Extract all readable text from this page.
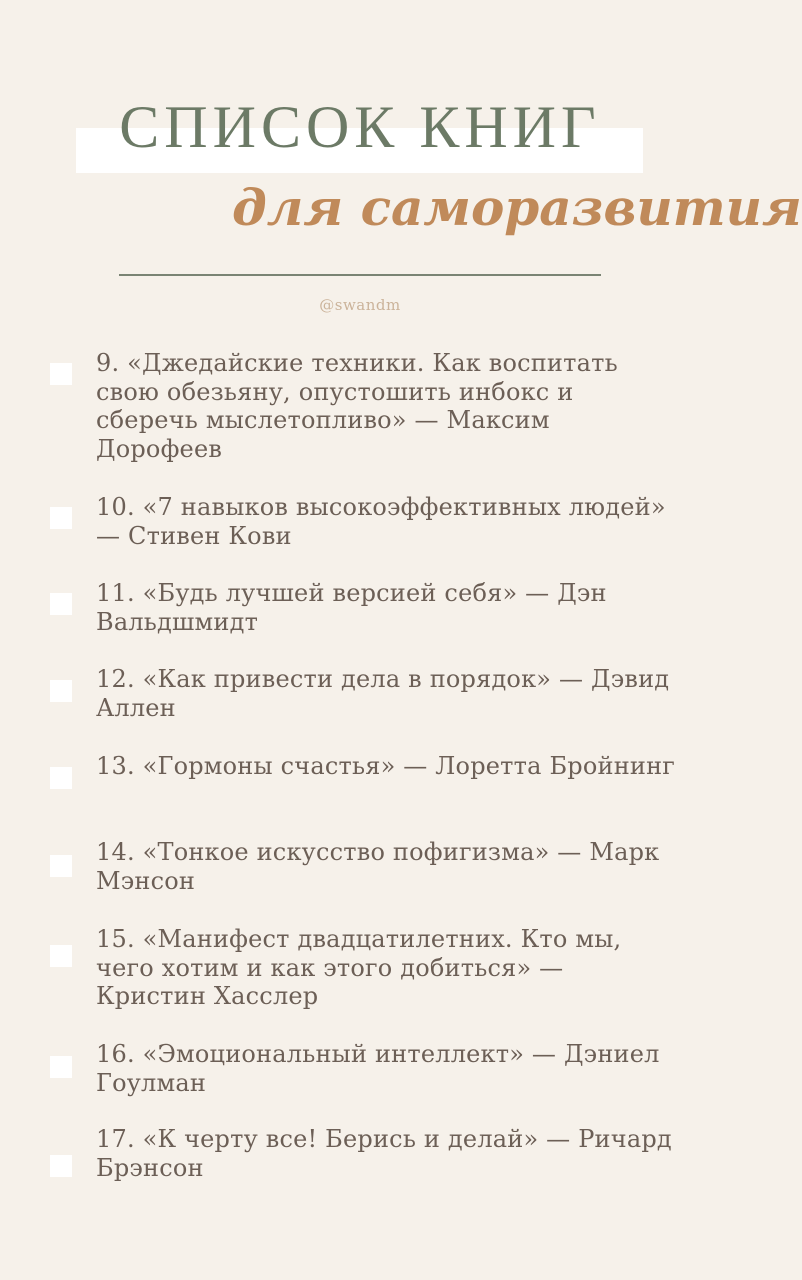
СПИСОК КНИГ
для саморазвития
@swandm
9. «Джедайские техники. Как воспитать свою обезьяну, опустошить инбокс и сберечь мыслетопливо» — Максим Дорофеев
10. «7 навыков высокоэффективных людей» — Стивен Кови
11. «Будь лучшей версией себя» — Дэн Вальдшмидт
12. «Как привести дела в порядок» — Дэвид Аллен
13. «Гормоны счастья» — Лоретта Бройнинг
14. «Тонкое искусство пофигизма» — Марк Мэнсон
15. «Манифест двадцатилетних. Кто мы, чего хотим и как этого добиться» — Кристин Хасслер
16. «Эмоциональный интеллект» — Дэниел Гоулман
17. «К черту все! Берись и делай» — Ричард Брэнсон
